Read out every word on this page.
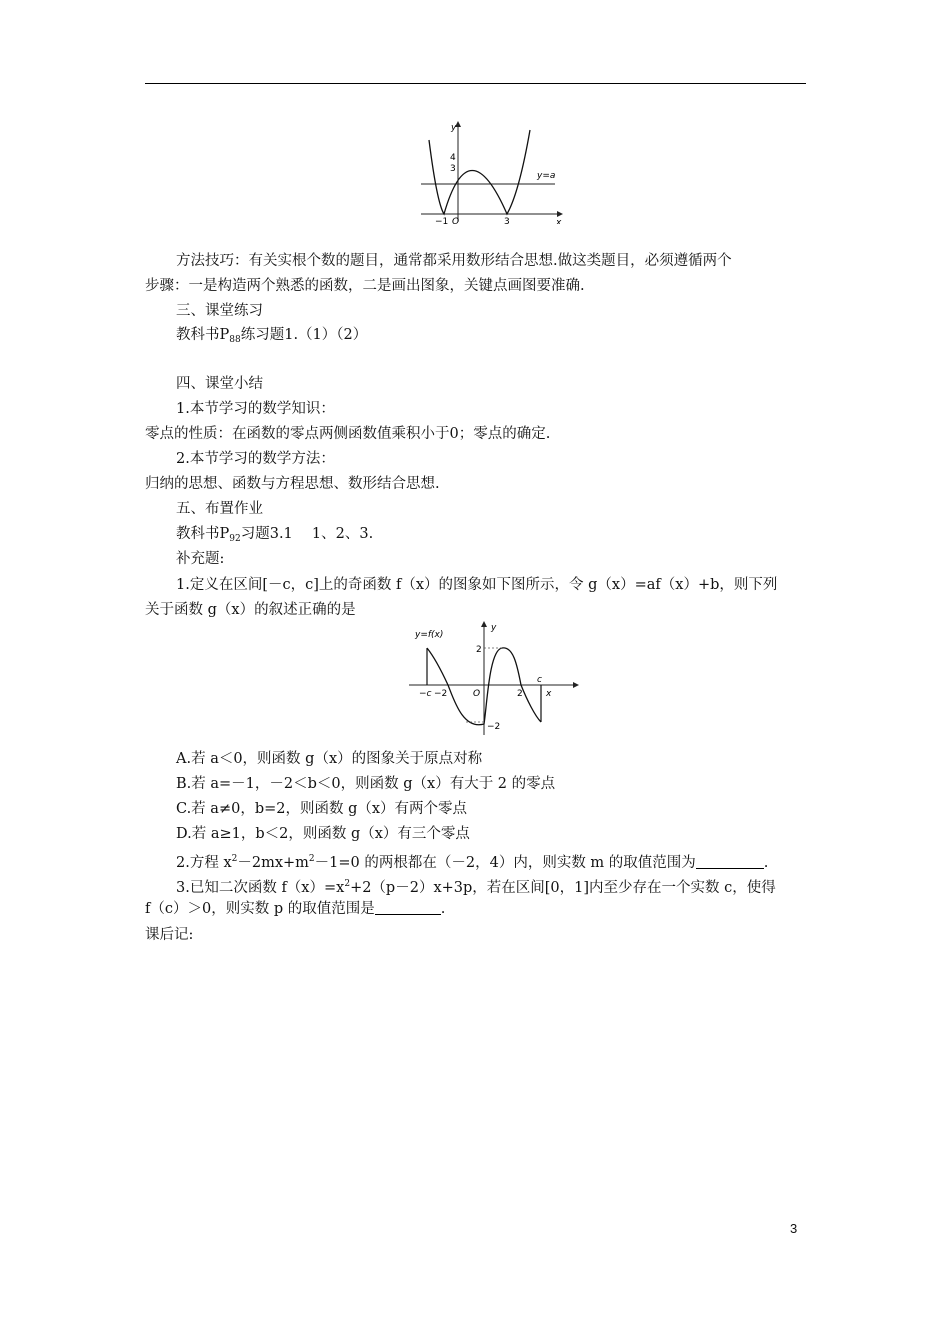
y
x
4
3
−1 O	3
y=a
方法技巧：有关实根个数的题目，通常都采用数形结合思想.做这类题目，必须遵循两个
步骤：一是构造两个熟悉的函数，二是画出图象，关键点画图要准确.
三、课堂练习
教科书$P_{88}$练习题1.（1）（2）
四、课堂小结
1.本节学习的数学知识：
零点的性质：在函数的零点两侧函数值乘积小于0；零点的确定.
2.本节学习的数学方法：
归纳的思想、函数与方程思想、数形结合思想.
五、布置作业
教科书$P_{92}$习题3.1　 1、2、3.
补充题:
1.定义在区间[－c，c]上的奇函数 f（x）的图象如下图所示，令 g（x）=af（x）+b，则下列
关于函数 g（x）的叙述正确的是
y=f(x)
y
x
2
−2
−c −2	O	2
c
A.若 a＜0，则函数 g（x）的图象关于原点对称
B.若 a=－1，－2＜b＜0，则函数 g（x）有大于 2 的零点
C.若 a≠0，b=2，则函数 g（x）有两个零点
D.若 a≥1，b＜2，则函数 g（x）有三个零点
2.方程 $x^2-2mx+m^2-1=0$ 的两根都在（－2，4）内，则实数 m 的取值范围为	.
3.已知二次函数 $f(x)=x^2+2(p-2)x+3p$，若在区间[0，1]内至少存在一个实数 c，使得
f（c）＞0，则实数 p 的取值范围是	.
课后记:
3
